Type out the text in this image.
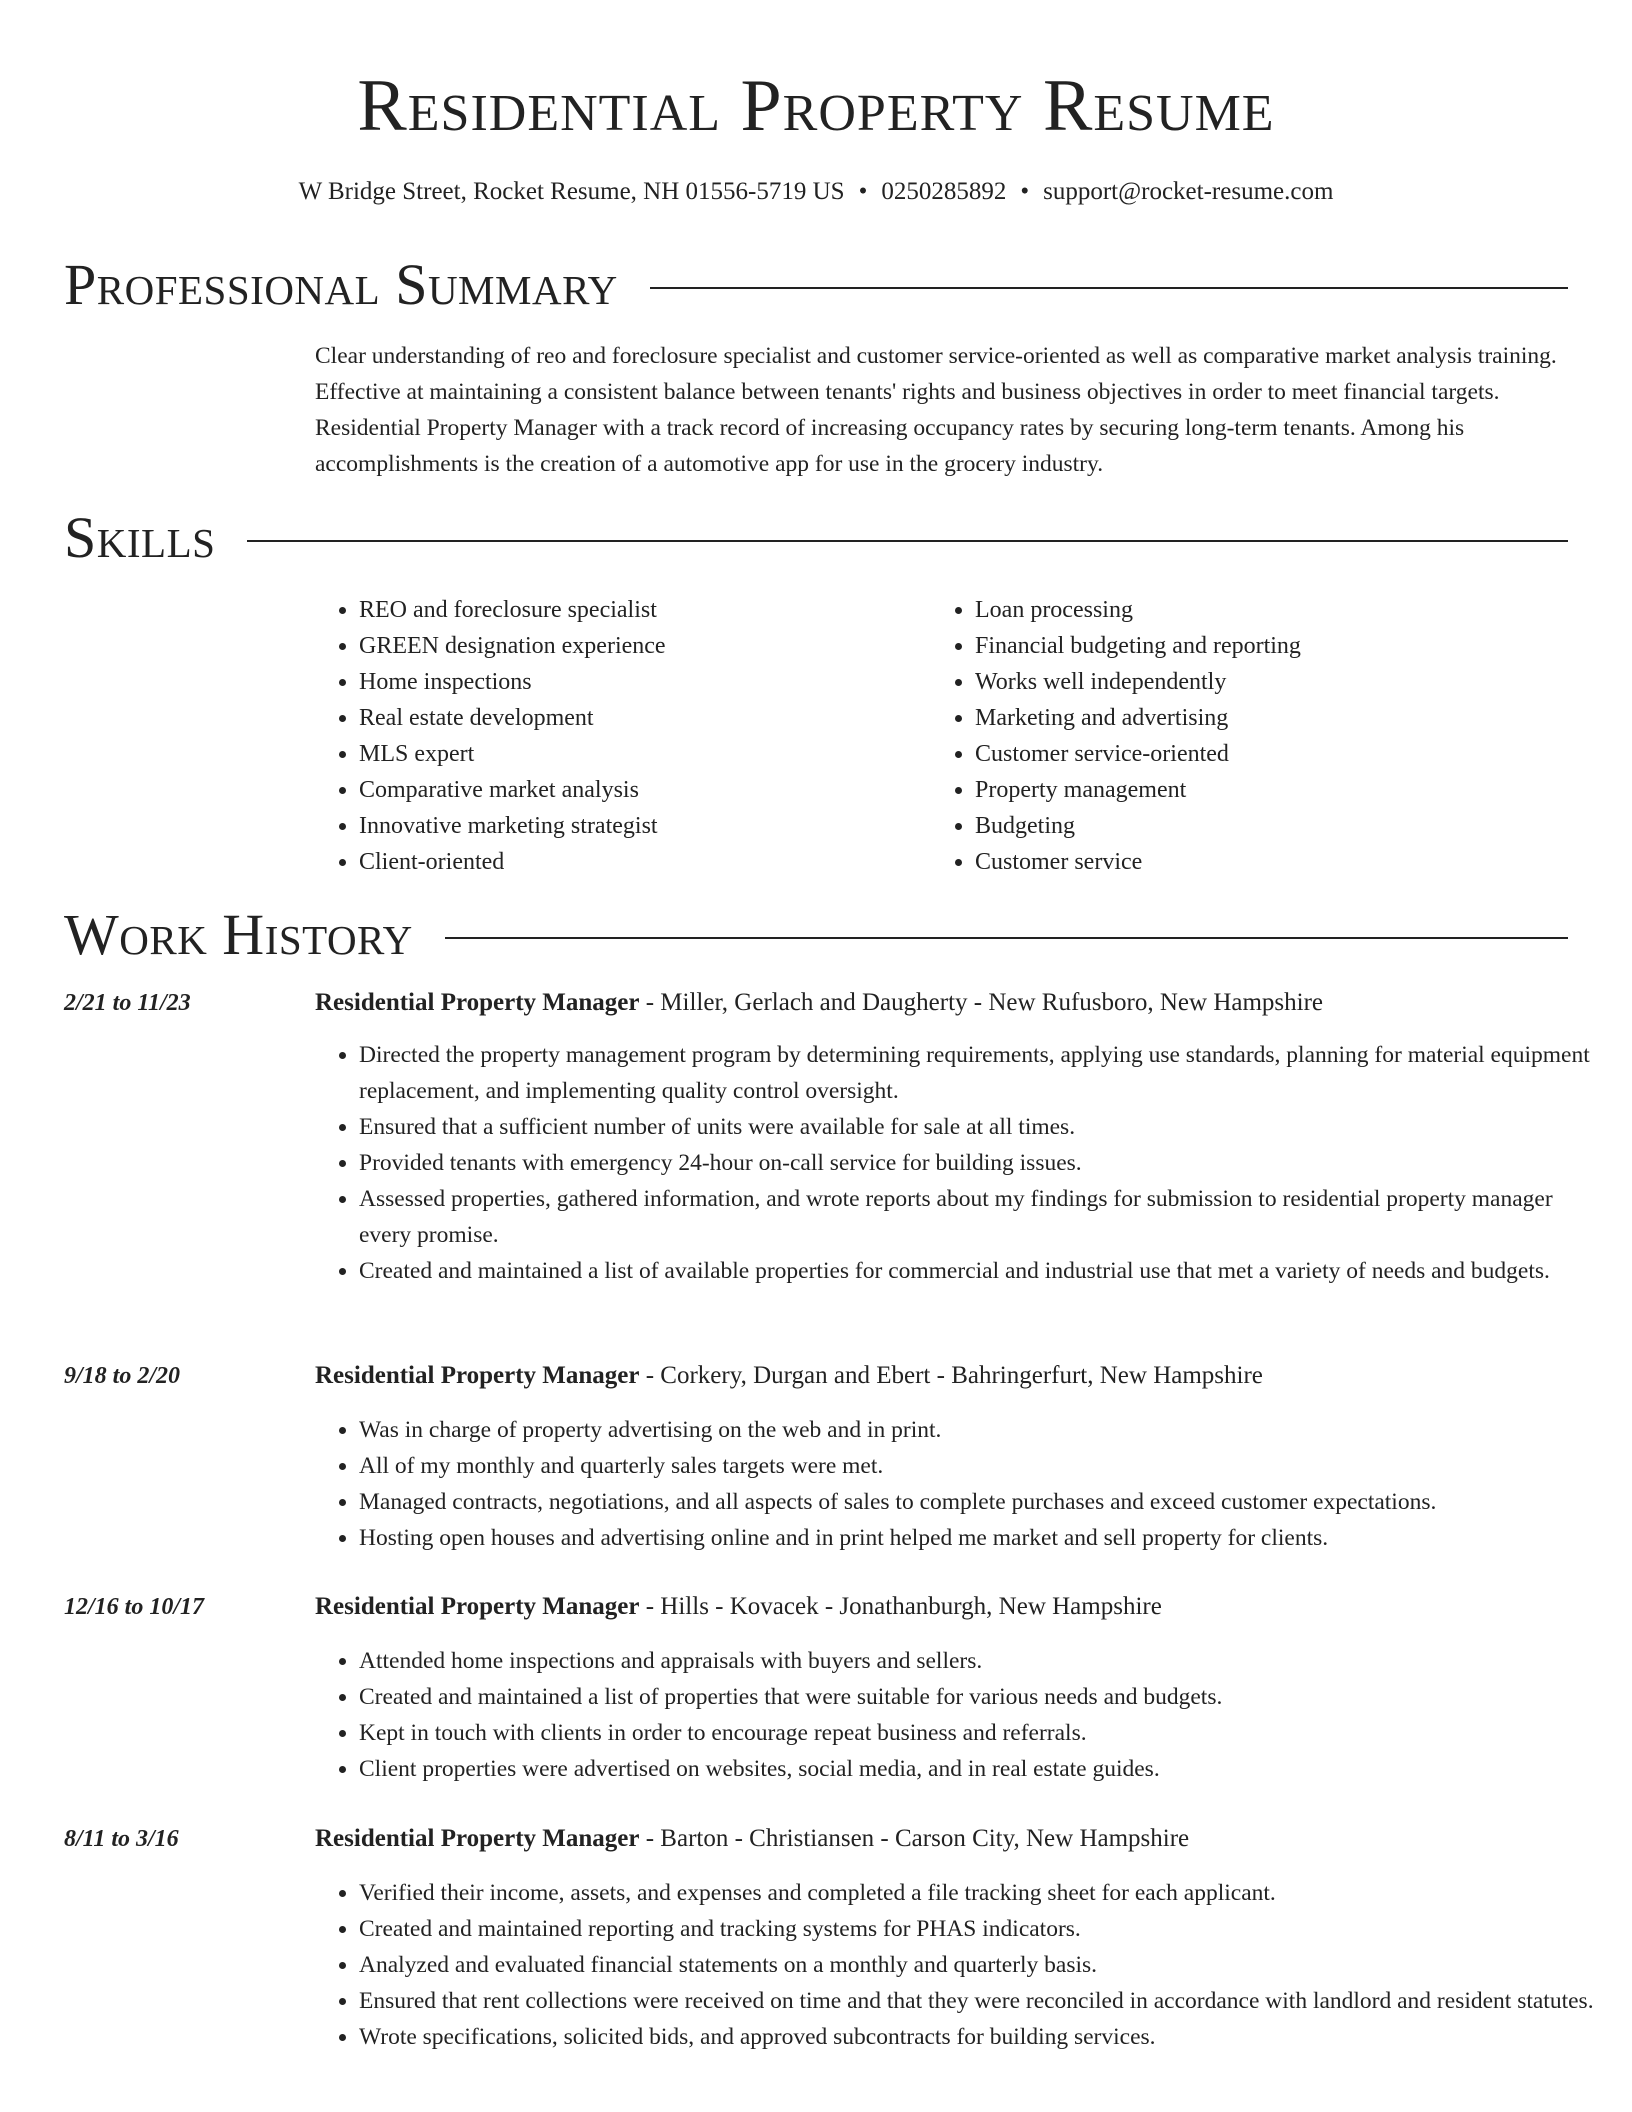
Residential Property Resume
W Bridge Street, Rocket Resume, NH 01556-5719 US • 0250285892 • support@rocket-resume.com
Professional Summary

Clear understanding of reo and foreclosure specialist and customer service-oriented as well as comparative market analysis training. Effective at maintaining a consistent balance between tenants' rights and business objectives in order to meet financial targets. Residential Property Manager with a track record of increasing occupancy rates by securing long-term tenants. Among his accomplishments is the creation of a automotive app for use in the grocery industry.

Skills
• REO and foreclosure specialist
• GREEN designation experience
• Home inspections
• Real estate development
• MLS expert
• Comparative market analysis
• Innovative marketing strategist
• Client-oriented
• Loan processing
• Financial budgeting and reporting
• Works well independently
• Marketing and advertising
• Customer service-oriented
• Property management
• Budgeting
• Customer service
Work History
2/21 to 11/23	Residential Property Manager - Miller, Gerlach and Daugherty - New Rufusboro, New Hampshire
• Directed the property management program by determining requirements, applying use standards, planning for material equipment replacement, and implementing quality control oversight.
• Ensured that a sufficient number of units were available for sale at all times.
• Provided tenants with emergency 24-hour on-call service for building issues.
• Assessed properties, gathered information, and wrote reports about my findings for submission to residential property manager every promise.
• Created and maintained a list of available properties for commercial and industrial use that met a variety of needs and budgets.
9/18 to 2/20	Residential Property Manager - Corkery, Durgan and Ebert - Bahringerfurt, New Hampshire
• Was in charge of property advertising on the web and in print.
• All of my monthly and quarterly sales targets were met.
• Managed contracts, negotiations, and all aspects of sales to complete purchases and exceed customer expectations.
• Hosting open houses and advertising online and in print helped me market and sell property for clients.
12/16 to 10/17	Residential Property Manager - Hills - Kovacek - Jonathanburgh, New Hampshire
• Attended home inspections and appraisals with buyers and sellers.
• Created and maintained a list of properties that were suitable for various needs and budgets.
• Kept in touch with clients in order to encourage repeat business and referrals.
• Client properties were advertised on websites, social media, and in real estate guides.
8/11 to 3/16	Residential Property Manager - Barton - Christiansen - Carson City, New Hampshire
• Verified their income, assets, and expenses and completed a file tracking sheet for each applicant.
• Created and maintained reporting and tracking systems for PHAS indicators.
• Analyzed and evaluated financial statements on a monthly and quarterly basis.
• Ensured that rent collections were received on time and that they were reconciled in accordance with landlord and resident statutes.
• Wrote specifications, solicited bids, and approved subcontracts for building services.
